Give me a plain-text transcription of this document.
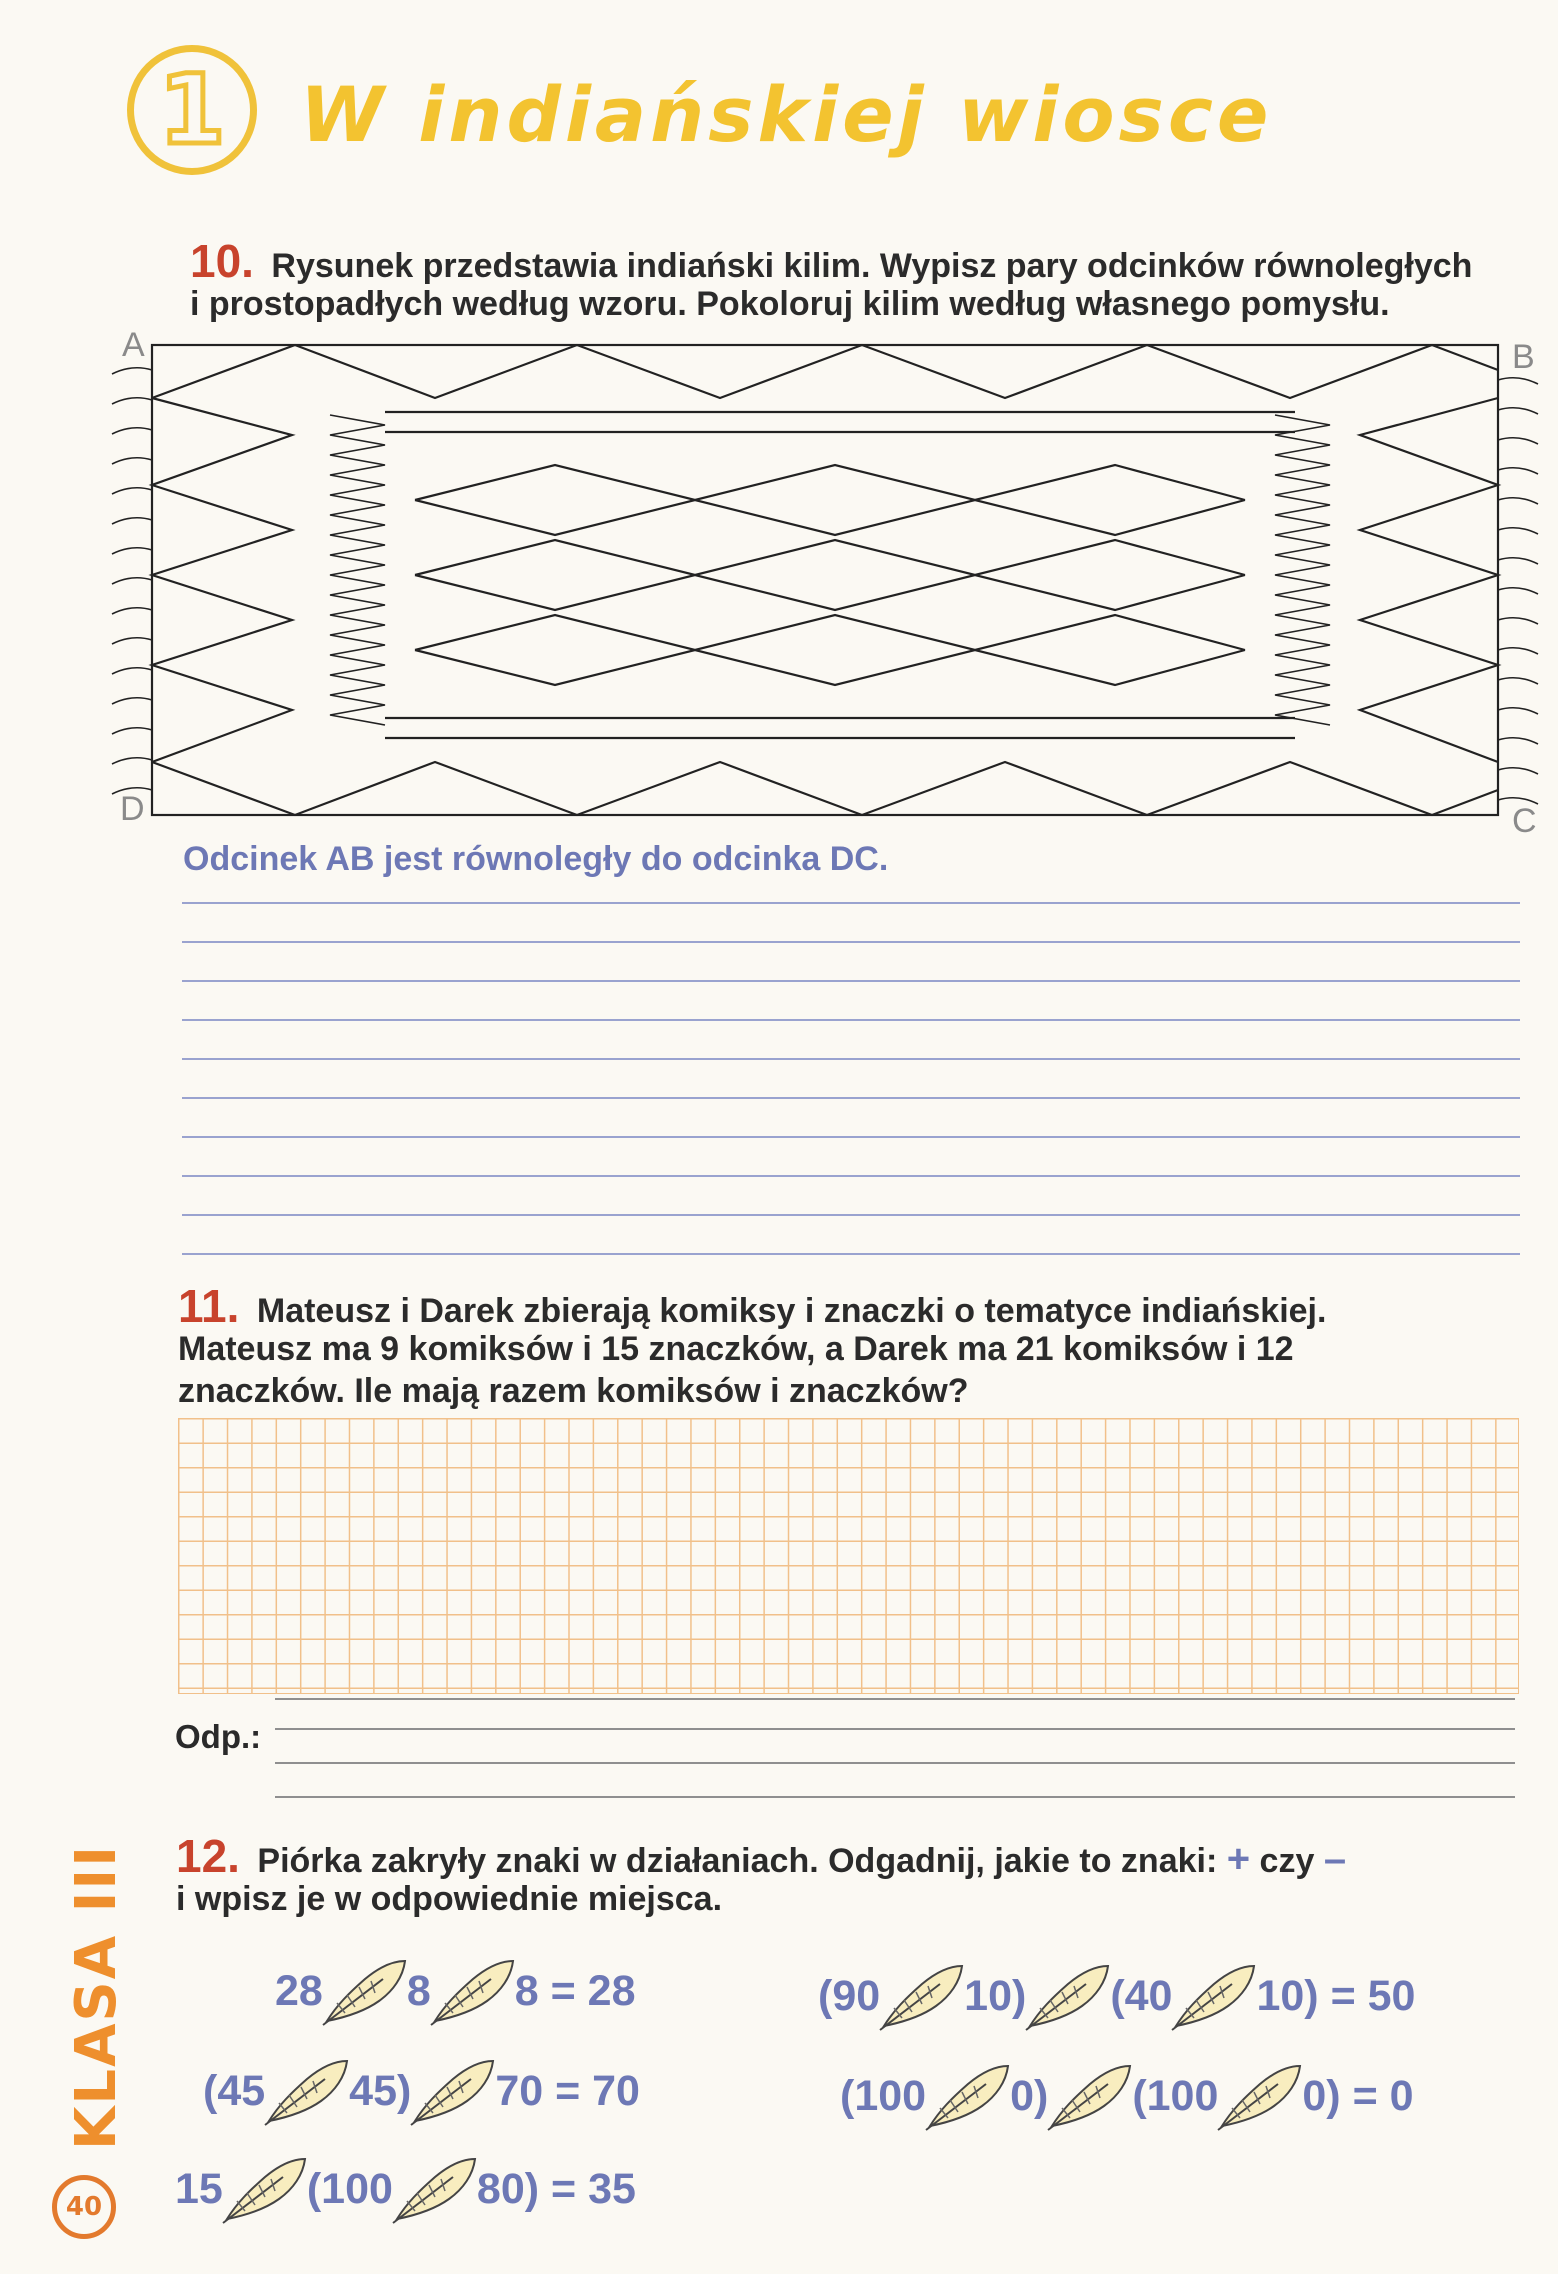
1 W indiańskiej wiosce
10. Rysunek przedstawia indiański kilim. Wypisz pary odcinków równoległych
i prostopadłych według wzoru. Pokoloruj kilim według własnego pomysłu.
A	B
C
D
Odcinek AB jest równoległy do odcinka DC.
11. Mateusz i Darek zbierają komiksy i znaczki o tematyce indiańskiej.
Mateusz ma 9 komiksów i 15 znaczków, a Darek ma 21 komiksów i 12
znaczków. Ile mają razem komiksów i znaczków?
Odp.:
12. Piórka zakryły znaki w działaniach. Odgadnij, jakie to znaki: + czy –
i wpisz je w odpowiednie miejsca.
28 8 8 = 28
(45 45) 70 = 70
15 (100 80) = 35
(90 10) (40 10) = 50
(100 0) (100 0) = 0
KLASA III
40
